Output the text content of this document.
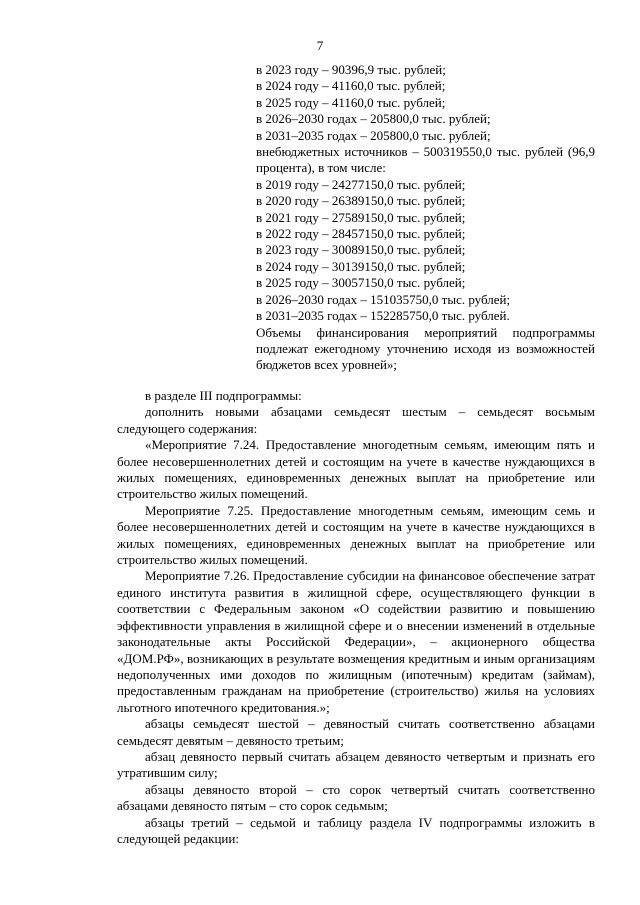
7
в 2023 году – 90396,9 тыс. рублей;
в 2024 году – 41160,0 тыс. рублей;
в 2025 году – 41160,0 тыс. рублей;
в 2026–2030 годах – 205800,0 тыс. рублей;
в 2031–2035 годах – 205800,0 тыс. рублей;
внебюджетных источников – 500319550,0 тыс. рублей (96,9 процента), в том числе:
в 2019 году – 24277150,0 тыс. рублей;
в 2020 году – 26389150,0 тыс. рублей;
в 2021 году – 27589150,0 тыс. рублей;
в 2022 году – 28457150,0 тыс. рублей;
в 2023 году – 30089150,0 тыс. рублей;
в 2024 году – 30139150,0 тыс. рублей;
в 2025 году – 30057150,0 тыс. рублей;
в 2026–2030 годах – 151035750,0 тыс. рублей;
в 2031–2035 годах – 152285750,0 тыс. рублей.
Объемы финансирования мероприятий подпрограммы подлежат ежегодному уточнению исходя из возможностей бюджетов всех уровней»;

в разделе III подпрограммы:

дополнить новыми абзацами семьдесят шестым – семьдесят восьмым следующего содержания:

«Мероприятие 7.24. Предоставление многодетным семьям, имеющим пять и более несовершеннолетних детей и состоящим на учете в качестве нуждающихся в жилых помещениях, единовременных денежных выплат на приобретение или строительство жилых помещений.

Мероприятие 7.25. Предоставление многодетным семьям, имеющим семь и более несовершеннолетних детей и состоящим на учете в качестве нуждающихся в жилых помещениях, единовременных денежных выплат на приобретение или строительство жилых помещений.

Мероприятие 7.26. Предоставление субсидии на финансовое обеспечение затрат единого института развития в жилищной сфере, осуществляющего функции в соответствии с Федеральным законом «О содействии развитию и повышению эффективности управления в жилищной сфере и о внесении изменений в отдельные законодательные акты Российской Федерации», – акционерного общества «ДОМ.РФ», возникающих в результате возмещения кредитным и иным организациям недополученных ими доходов по жилищным (ипотечным) кредитам (займам), предоставленным гражданам на приобретение (строительство) жилья на условиях льготного ипотечного кредитования.»;

абзацы семьдесят шестой – девяностый считать соответственно абзацами семьдесят девятым – девяносто третьим;

абзац девяносто первый считать абзацем девяносто четвертым и признать его утратившим силу;

абзацы девяносто второй – сто сорок четвертый считать соответственно абзацами девяносто пятым – сто сорок седьмым;

абзацы третий – седьмой и таблицу раздела IV подпрограммы изложить в следующей редакции:
